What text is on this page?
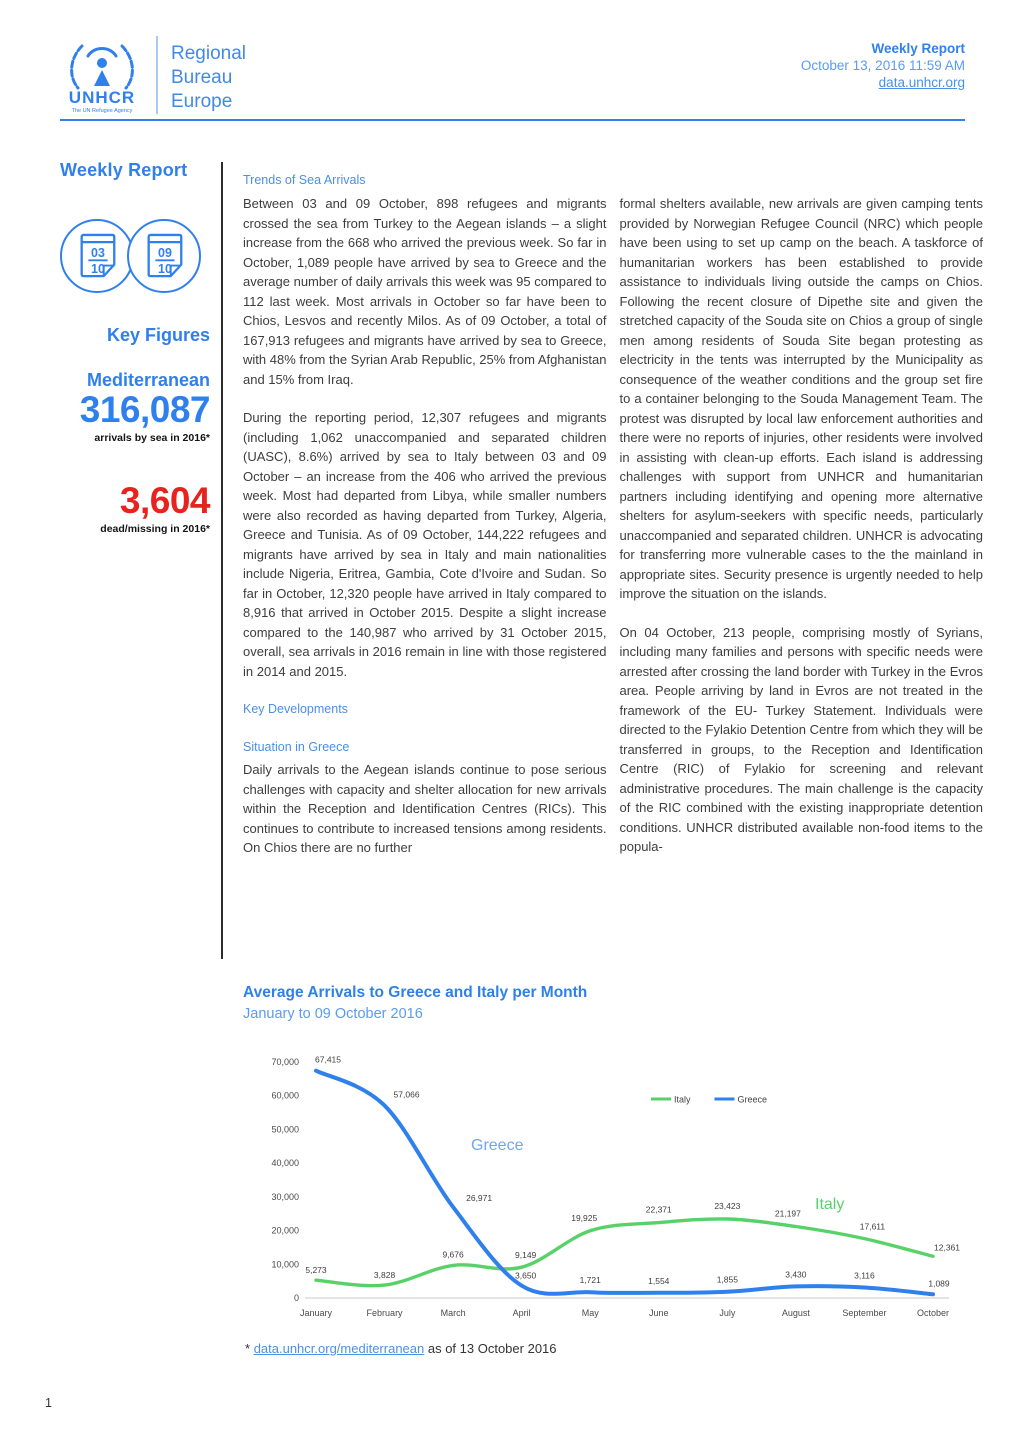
UNHCR
The UN Refugee Agency
Regional
Bureau
Europe
Weekly Report
October 13, 2016 11:59 AM
data.unhcr.org
Weekly Report
03
10
09
10
Key Figures
Mediterranean
316,087
arrivals by sea in 2016*
3,604
dead/missing in 2016*
Trends of Sea Arrivals
Between 03 and 09 October, 898 refugees and migrants crossed the sea from Turkey to the Aegean islands – a slight increase from the 668 who arrived the previous week. So far in October, 1,089 people have arrived by sea to Greece and the average number of daily arrivals this week was 95 compared to 112 last week. Most arrivals in October so far have been to Chios, Lesvos and recently Milos. As of 09 October, a total of 167,913 refugees and migrants have arrived by sea to Greece, with 48% from the Syrian Arab Republic, 25% from Afghanistan and 15% from Iraq.
During the reporting period, 12,307 refugees and migrants (including 1,062 unaccompanied and separated children (UASC), 8.6%) arrived by sea to Italy between 03 and 09 October – an increase from the 406 who arrived the previous week. Most had departed from Libya, while smaller numbers were also recorded as having departed from Turkey, Algeria, Greece and Tunisia. As of 09 October, 144,222 refugees and migrants have arrived by sea in Italy and main nationalities include Nigeria, Eritrea, Gambia, Cote d'Ivoire and Sudan. So far in October, 12,320 people have arrived in Italy compared to 8,916 that arrived in October 2015. Despite a slight increase compared to the 140,987 who arrived by 31 October 2015, overall, sea arrivals in 2016 remain in line with those registered in 2014 and 2015.
Key Developments
Situation in Greece
Daily arrivals to the Aegean islands continue to pose serious challenges with capacity and shelter allocation for new arrivals within the Reception and Identification Centres (RICs). This continues to contribute to increased tensions among residents. On Chios there are no further
formal shelters available, new arrivals are given camping tents provided by Norwegian Refugee Council (NRC) which people have been using to set up camp on the beach. A taskforce of humanitarian workers has been established to provide assistance to individuals living outside the camps on Chios. Following the recent closure of Dipethe site and given the stretched capacity of the Souda site on Chios a group of single men among residents of Souda Site began protesting as electricity in the tents was interrupted by the Municipality as consequence of the weather conditions and the group set fire to a container belonging to the Souda Management Team. The protest was disrupted by local law enforcement authorities and there were no reports of injuries, other residents were involved in assisting with clean-up efforts. Each island is addressing challenges with support from UNHCR and humanitarian partners including identifying and opening more alternative shelters for asylum-seekers with specific needs, particularly unaccompanied and separated children. UNHCR is advocating for transferring more vulnerable cases to the the mainland in appropriate sites. Security presence is urgently needed to help improve the situation on the islands.
On 04 October, 213 people, comprising mostly of Syrians, including many families and persons with specific needs were arrested after crossing the land border with Turkey in the Evros area. People arriving by land in Evros are not treated in the framework of the EU- Turkey Statement. Individuals were directed to the Fylakio Detention Centre from which they will be transferred in groups, to the Reception and Identification Centre (RIC) of Fylakio for screening and relevant administrative procedures. The main challenge is the capacity of the RIC combined with the existing inappropriate detention conditions. UNHCR distributed available non-food items to the popula-
Average Arrivals to Greece and Italy per Month
January to 09 October 2016
0
10,000
20,000
30,000
40,000
50,000
60,000
70,000
January	February	March	April	May	June	July	August	September	October
5,273	3,828
9,676	9,149
19,925
22,371	23,423
21,197
17,611
12,361
67,415
57,066
26,971
3,650	1,721	1,554	1,855
3,430	3,116
1,089
Italy	Greece
Greece
Italy
* data.unhcr.org/mediterranean as of 13 October 2016
1
